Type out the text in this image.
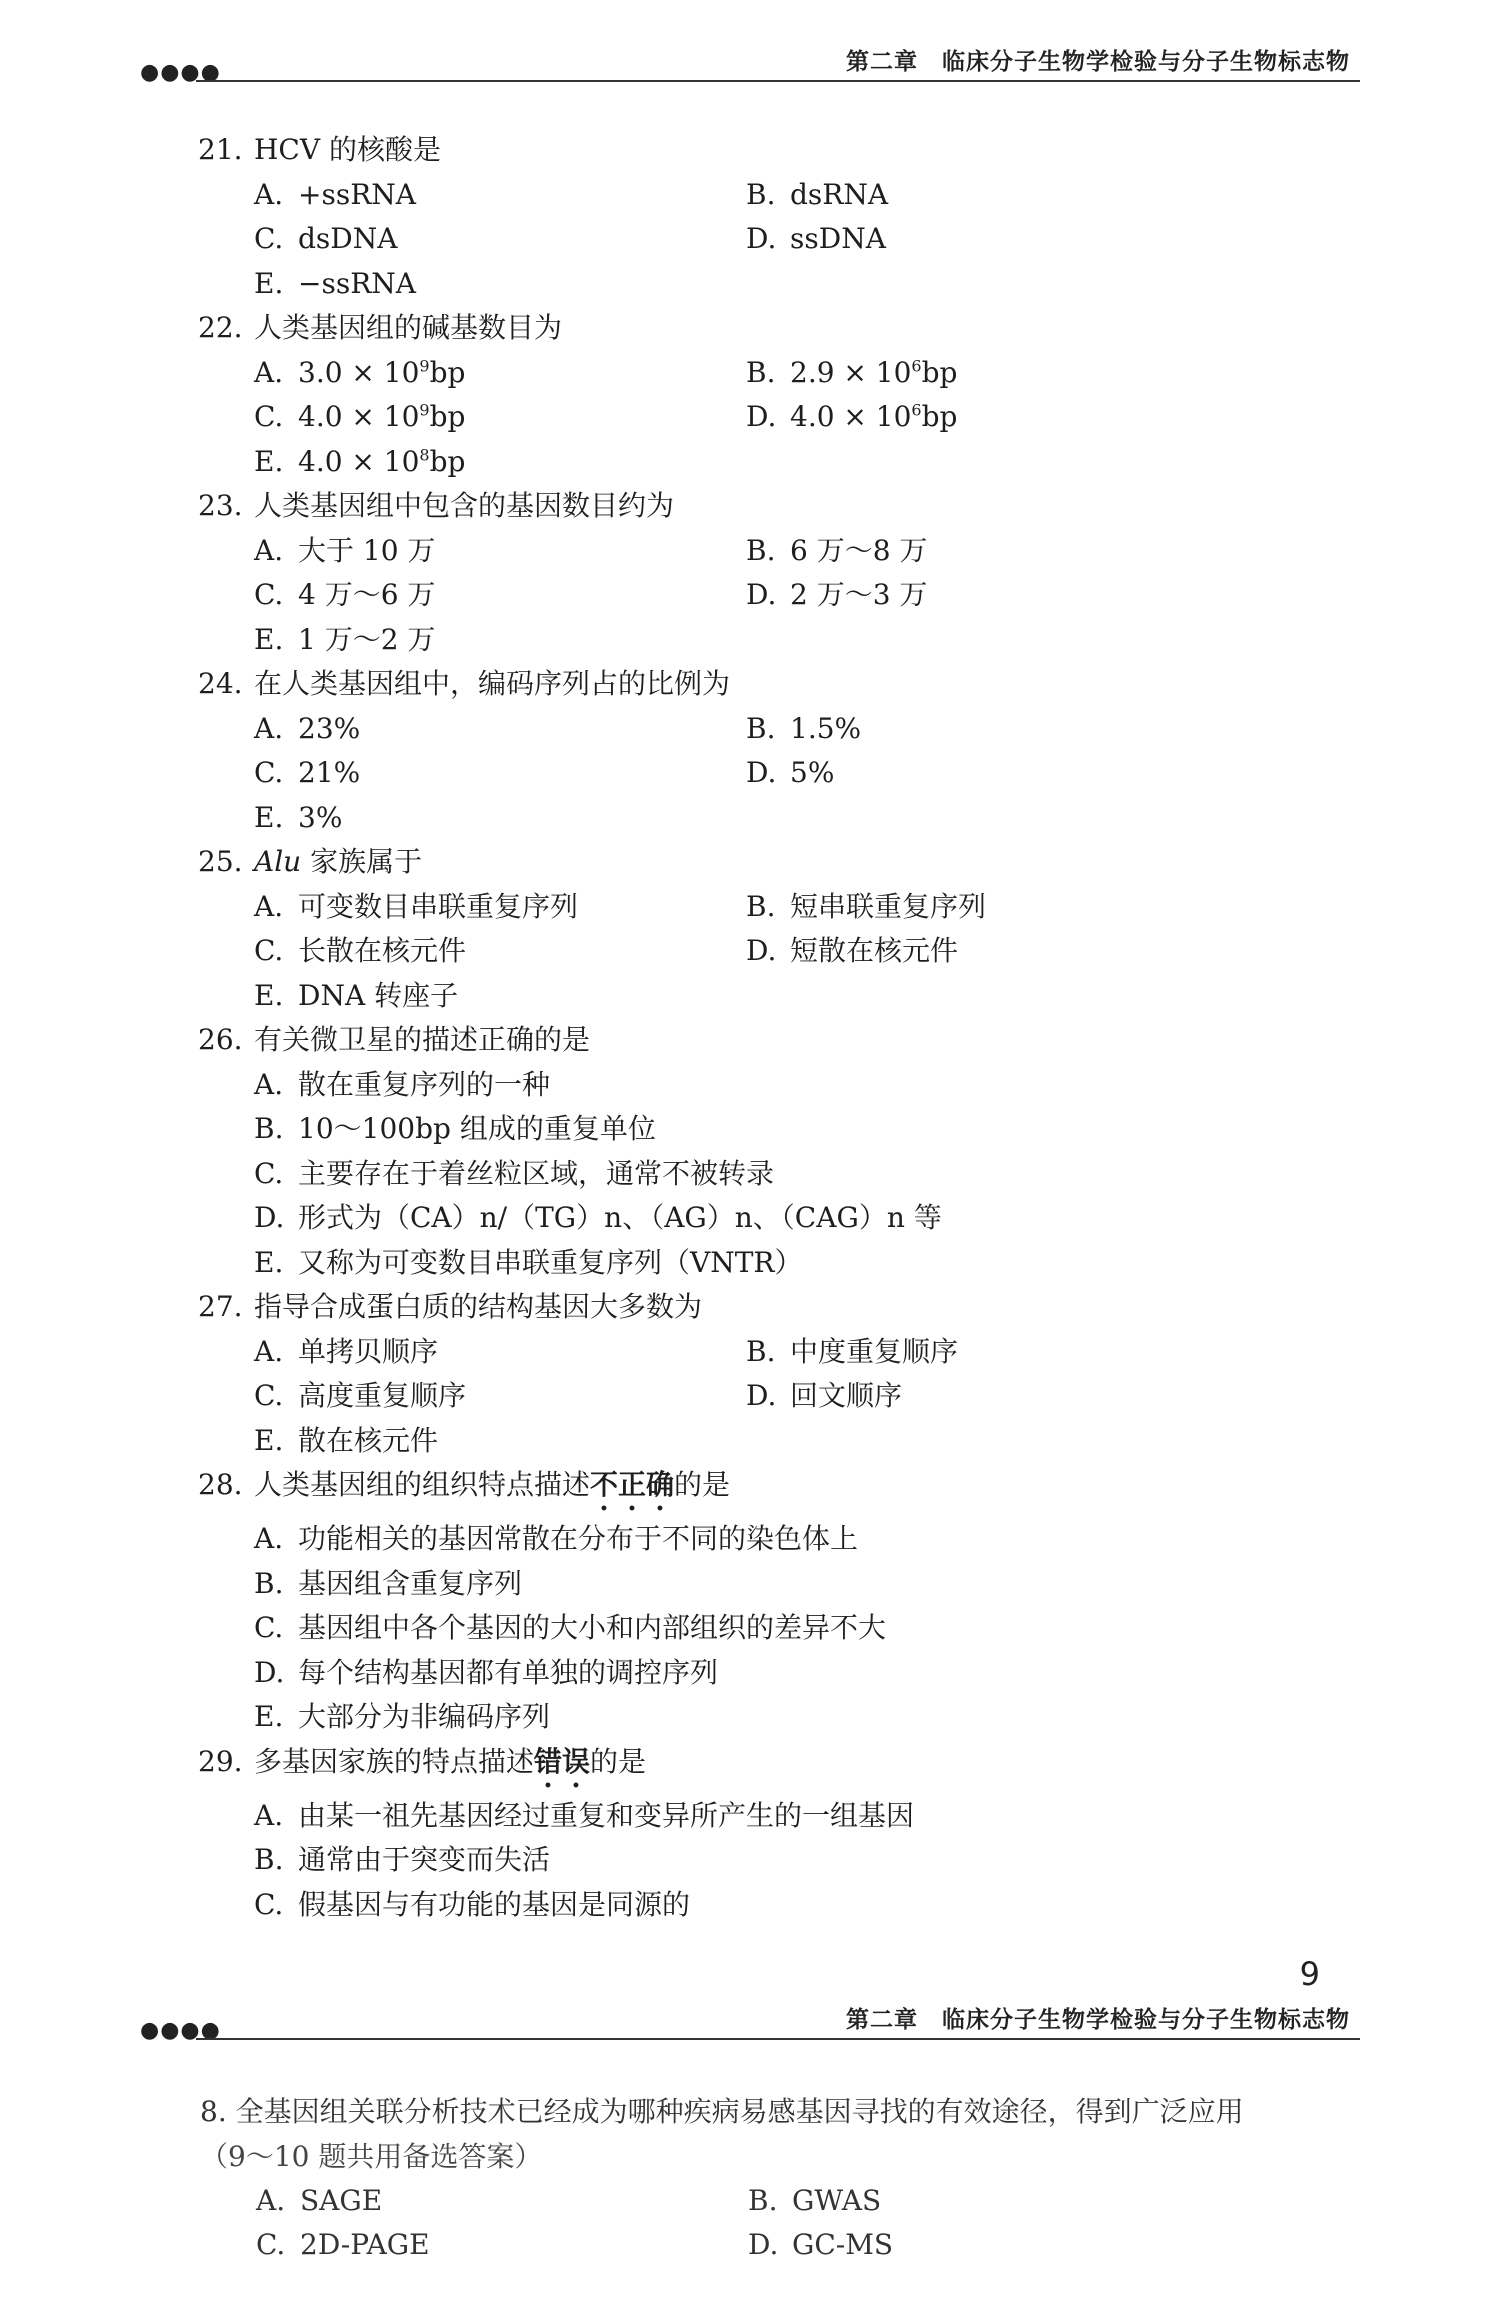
●●●●	第二章　临床分子生物学检验与分子生物标志物
21. HCV 的核酸是
A. +ssRNA	B. dsRNA
C. dsDNA	D. ssDNA
E. −ssRNA
22. 人类基因组的碱基数目为
A. $3.0 \times 10^9bp$	B. $2.9 \times 10^6bp$
C. $4.0 \times 10^9bp$	D. $4.0 \times 10^6bp$
E. $4.0 \times 10^8bp$
23. 人类基因组中包含的基因数目约为
A. 大于 10 万	B. 6 万～8 万
C. 4 万～6 万	D. 2 万～3 万
E. 1 万～2 万
24. 在人类基因组中，编码序列占的比例为
A. 23%	B. 1.5%
C. 21%	D. 5%
E. 3%
25. Alu 家族属于
A. 可变数目串联重复序列	B. 短串联重复序列
C. 长散在核元件	D. 短散在核元件
E. DNA 转座子
26. 有关微卫星的描述正确的是
A. 散在重复序列的一种
B. 10～100bp 组成的重复单位
C. 主要存在于着丝粒区域，通常不被转录
D. 形式为（CA）n/（TG）n、（AG）n、（CAG）n 等
E. 又称为可变数目串联重复序列（VNTR）
27. 指导合成蛋白质的结构基因大多数为
A. 单拷贝顺序	B. 中度重复顺序
C. 高度重复顺序	D. 回文顺序
E. 散在核元件
28. 人类基因组的组织特点描述不正确的是
A. 功能相关的基因常散在分布于不同的染色体上
B. 基因组含重复序列
C. 基因组中各个基因的大小和内部组织的差异不大
D. 每个结构基因都有单独的调控序列
E. 大部分为非编码序列
29. 多基因家族的特点描述错误的是
A. 由某一祖先基因经过重复和变异所产生的一组基因
B. 通常由于突变而失活
C. 假基因与有功能的基因是同源的
9
●●●●	第二章　临床分子生物学检验与分子生物标志物
8. 全基因组关联分析技术已经成为哪种疾病易感基因寻找的有效途径，得到广泛应用
（9～10 题共用备选答案）
A. SAGE	B. GWAS
C. 2D-PAGE	D. GC-MS
